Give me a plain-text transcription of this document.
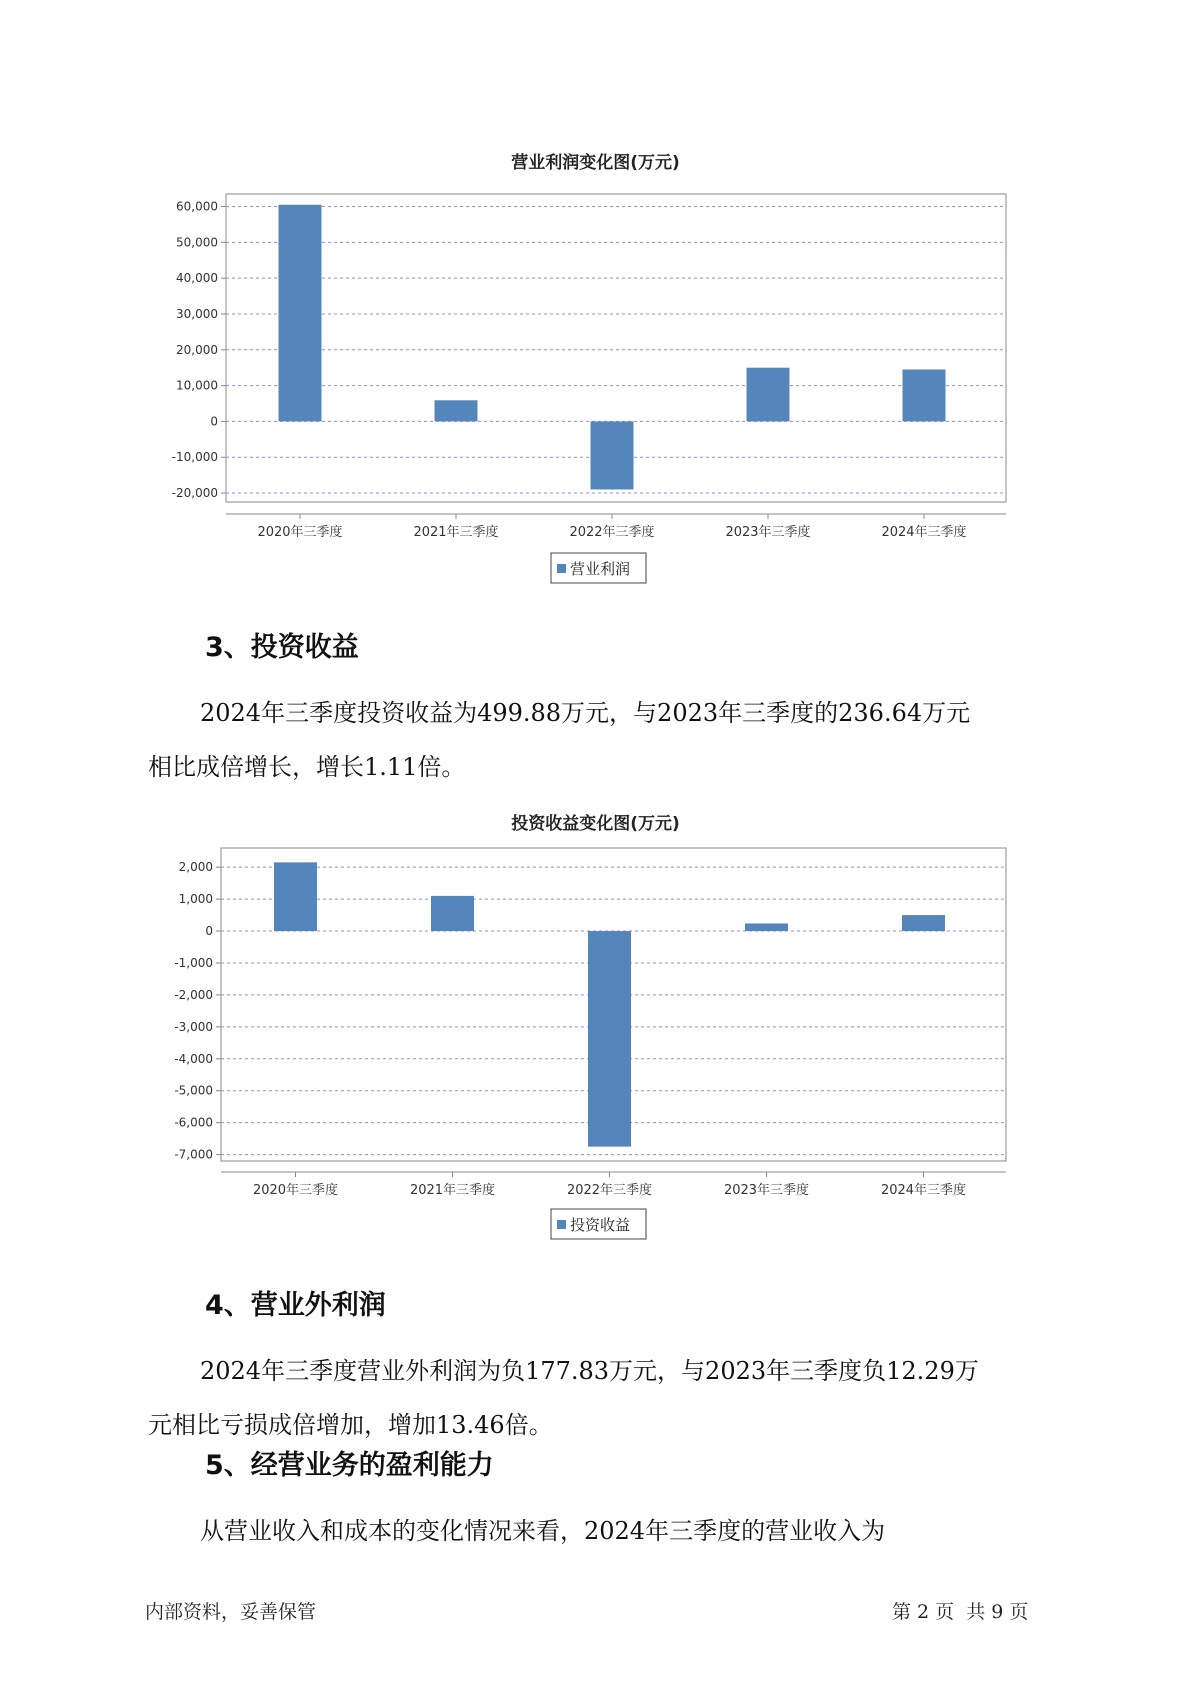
营业利润变化图(万元)
60,000
50,000
40,000
30,000
20,000
10,000
0
-10,000
-20,000
2020年三季度	2021年三季度	2022年三季度	2023年三季度	2024年三季度
营业利润
3、投资收益
2024年三季度投资收益为499.88万元，与2023年三季度的236.64万元
相比成倍增长，增长1.11倍。
投资收益变化图(万元)
2,000
1,000
0
-1,000
-2,000
-3,000
-4,000
-5,000
-6,000
-7,000
2020年三季度	2021年三季度	2022年三季度	2023年三季度	2024年三季度
投资收益
4、营业外利润
2024年三季度营业外利润为负177.83万元，与2023年三季度负12.29万
元相比亏损成倍增加，增加13.46倍。
5、经营业务的盈利能力
从营业收入和成本的变化情况来看，2024年三季度的营业收入为
内部资料，妥善保管	第 2 页  共 9 页
